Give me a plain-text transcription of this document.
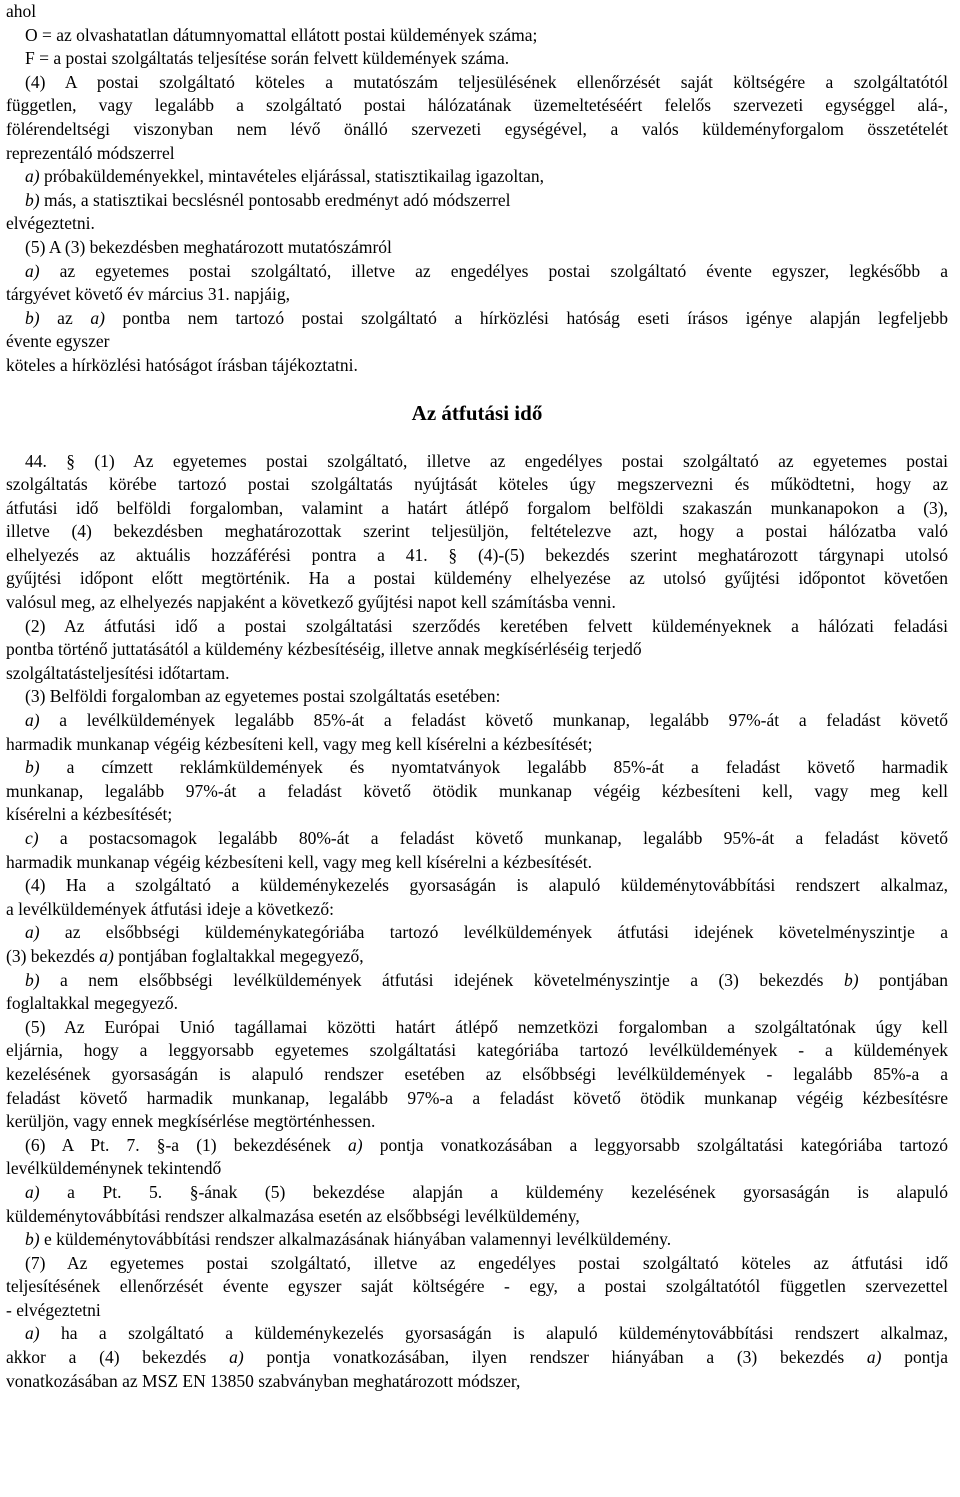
ahol
O = az olvashatatlan dátumnyomattal ellátott postai küldemények száma;
F = a postai szolgáltatás teljesítése során felvett küldemények száma.
(4) A postai szolgáltató köteles a mutatószám teljesülésének ellenőrzését saját költségére a szolgáltatótól
független, vagy legalább a szolgáltató postai hálózatának üzemeltetéséért felelős szervezeti egységgel alá-,
fölérendeltségi viszonyban nem lévő önálló szervezeti egységével, a valós küldeményforgalom összetételét
reprezentáló módszerrel
a) próbaküldeményekkel, mintavételes eljárással, statisztikailag igazoltan,
b) más, a statisztikai becslésnél pontosabb eredményt adó módszerrel
elvégeztetni.
(5) A (3) bekezdésben meghatározott mutatószámról
a) az egyetemes postai szolgáltató, illetve az engedélyes postai szolgáltató évente egyszer, legkésőbb a
tárgyévet követő év március 31. napjáig,
b) az a) pontba nem tartozó postai szolgáltató a hírközlési hatóság eseti írásos igénye alapján legfeljebb
évente egyszer
köteles a hírközlési hatóságot írásban tájékoztatni.
Az átfutási idő
44. § (1) Az egyetemes postai szolgáltató, illetve az engedélyes postai szolgáltató az egyetemes postai
szolgáltatás körébe tartozó postai szolgáltatás nyújtását köteles úgy megszervezni és működtetni, hogy az
átfutási idő belföldi forgalomban, valamint a határt átlépő forgalom belföldi szakaszán munkanapokon a (3),
illetve (4) bekezdésben meghatározottak szerint teljesüljön, feltételezve azt, hogy a postai hálózatba való
elhelyezés az aktuális hozzáférési pontra a 41. § (4)-(5) bekezdés szerint meghatározott tárgynapi utolsó
gyűjtési időpont előtt megtörténik. Ha a postai küldemény elhelyezése az utolsó gyűjtési időpontot követően
valósul meg, az elhelyezés napjaként a következő gyűjtési napot kell számításba venni.
(2) Az átfutási idő a postai szolgáltatási szerződés keretében felvett küldeményeknek a hálózati feladási
pontba történő juttatásától a küldemény kézbesítéséig, illetve annak megkísérléséig terjedő
szolgáltatásteljesítési időtartam.
(3) Belföldi forgalomban az egyetemes postai szolgáltatás esetében:
a) a levélküldemények legalább 85%-át a feladást követő munkanap, legalább 97%-át a feladást követő
harmadik munkanap végéig kézbesíteni kell, vagy meg kell kísérelni a kézbesítését;
b) a címzett reklámküldemények és nyomtatványok legalább 85%-át a feladást követő harmadik
munkanap, legalább 97%-át a feladást követő ötödik munkanap végéig kézbesíteni kell, vagy meg kell
kísérelni a kézbesítését;
c) a postacsomagok legalább 80%-át a feladást követő munkanap, legalább 95%-át a feladást követő
harmadik munkanap végéig kézbesíteni kell, vagy meg kell kísérelni a kézbesítését.
(4) Ha a szolgáltató a küldeménykezelés gyorsaságán is alapuló küldeménytovábbítási rendszert alkalmaz,
a levélküldemények átfutási ideje a következő:
a) az elsőbbségi küldeménykategóriába tartozó levélküldemények átfutási idejének követelményszintje a
(3) bekezdés a) pontjában foglaltakkal megegyező,
b) a nem elsőbbségi levélküldemények átfutási idejének követelményszintje a (3) bekezdés b) pontjában
foglaltakkal megegyező.
(5) Az Európai Unió tagállamai közötti határt átlépő nemzetközi forgalomban a szolgáltatónak úgy kell
eljárnia, hogy a leggyorsabb egyetemes szolgáltatási kategóriába tartozó levélküldemények - a küldemények
kezelésének gyorsaságán is alapuló rendszer esetében az elsőbbségi levélküldemények - legalább 85%-a a
feladást követő harmadik munkanap, legalább 97%-a a feladást követő ötödik munkanap végéig kézbesítésre
kerüljön, vagy ennek megkísérlése megtörténhessen.
(6) A Pt. 7. §-a (1) bekezdésének a) pontja vonatkozásában a leggyorsabb szolgáltatási kategóriába tartozó
levélküldeménynek tekintendő
a) a Pt. 5. §-ának (5) bekezdése alapján a küldemény kezelésének gyorsaságán is alapuló
küldeménytovábbítási rendszer alkalmazása esetén az elsőbbségi levélküldemény,
b) e küldeménytovábbítási rendszer alkalmazásának hiányában valamennyi levélküldemény.
(7) Az egyetemes postai szolgáltató, illetve az engedélyes postai szolgáltató köteles az átfutási idő
teljesítésének ellenőrzését évente egyszer saját költségére - egy, a postai szolgáltatótól független szervezettel
- elvégeztetni
a) ha a szolgáltató a küldeménykezelés gyorsaságán is alapuló küldeménytovábbítási rendszert alkalmaz,
akkor a (4) bekezdés a) pontja vonatkozásában, ilyen rendszer hiányában a (3) bekezdés a) pontja
vonatkozásában az MSZ EN 13850 szabványban meghatározott módszer,
